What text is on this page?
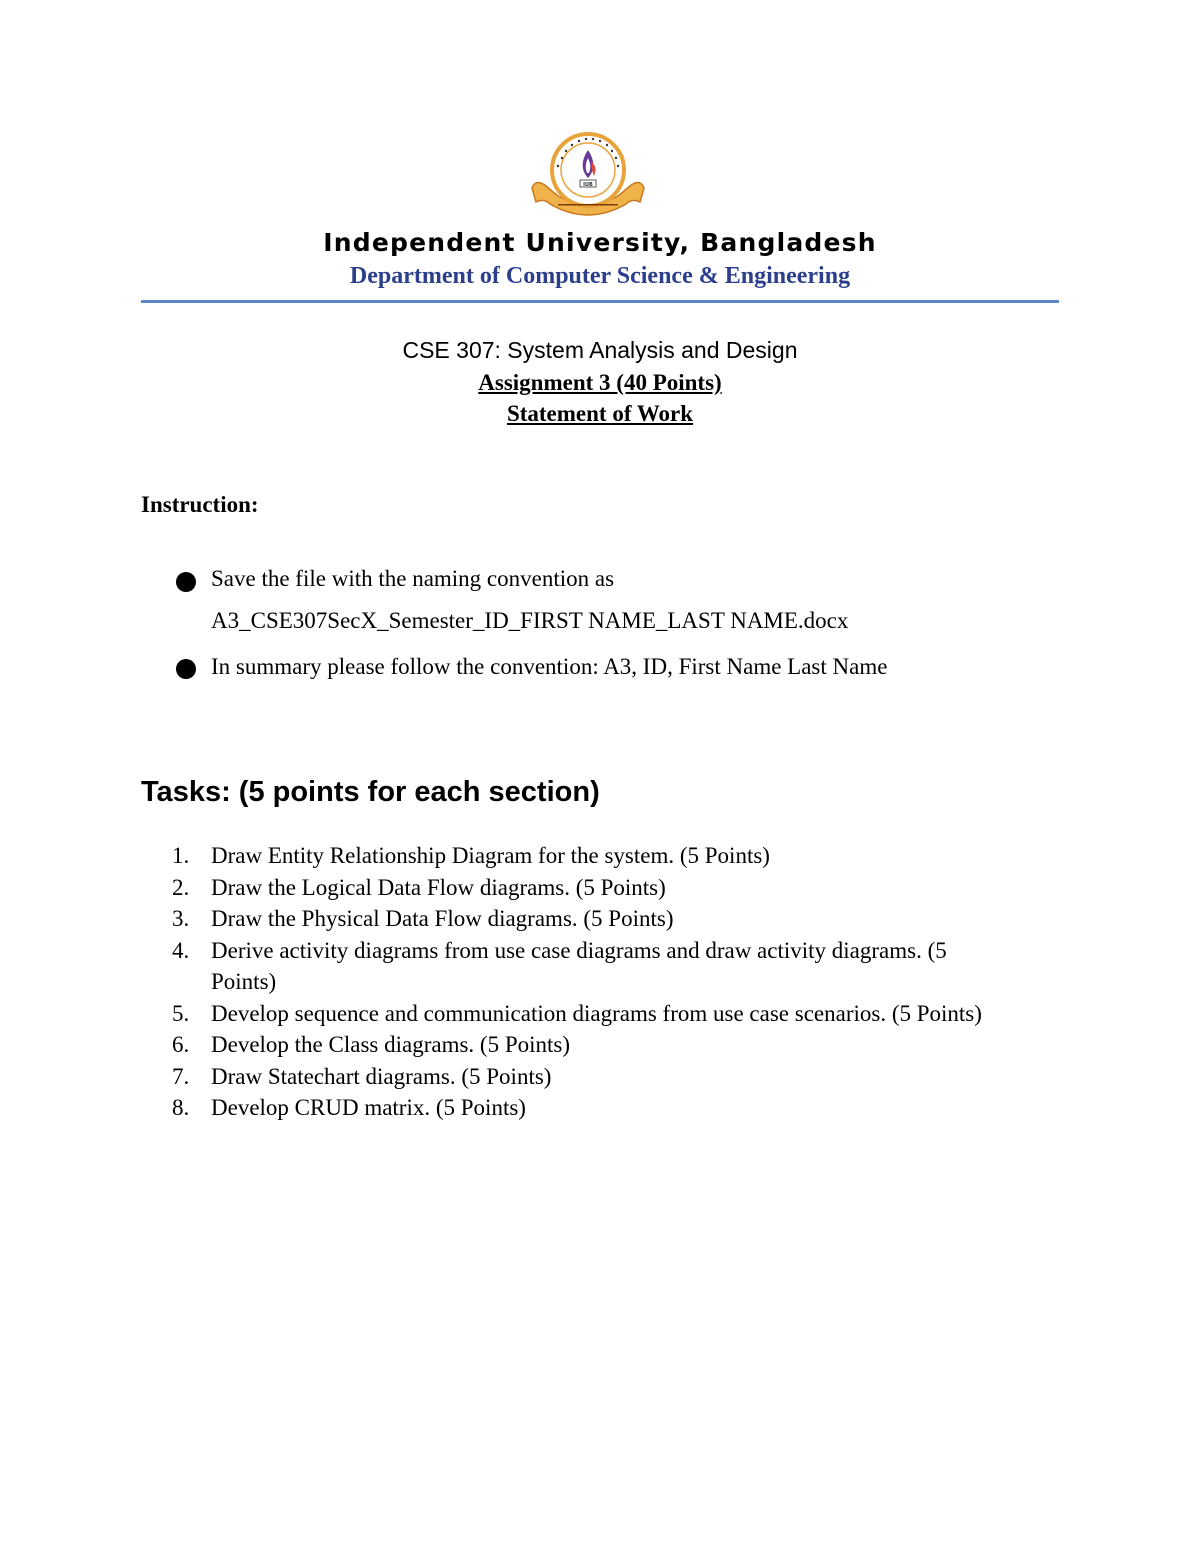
IUB
Independent University, Bangladesh
Department of Computer Science & Engineering
CSE 307: System Analysis and Design
Assignment 3 (40 Points)
Statement of Work
Instruction:
Save the file with the naming convention as
A3_CSE307SecX_Semester_ID_FIRST NAME_LAST NAME.docx
In summary please follow the convention: A3, ID, First Name Last Name
Tasks: (5 points for each section)
1. Draw Entity Relationship Diagram for the system. (5 Points)
2. Draw the Logical Data Flow diagrams. (5 Points)
3. Draw the Physical Data Flow diagrams. (5 Points)
4. Derive activity diagrams from use case diagrams and draw activity diagrams. (5 Points)
5. Develop sequence and communication diagrams from use case scenarios. (5 Points)
6. Develop the Class diagrams. (5 Points)
7. Draw Statechart diagrams. (5 Points)
8. Develop CRUD matrix. (5 Points)
